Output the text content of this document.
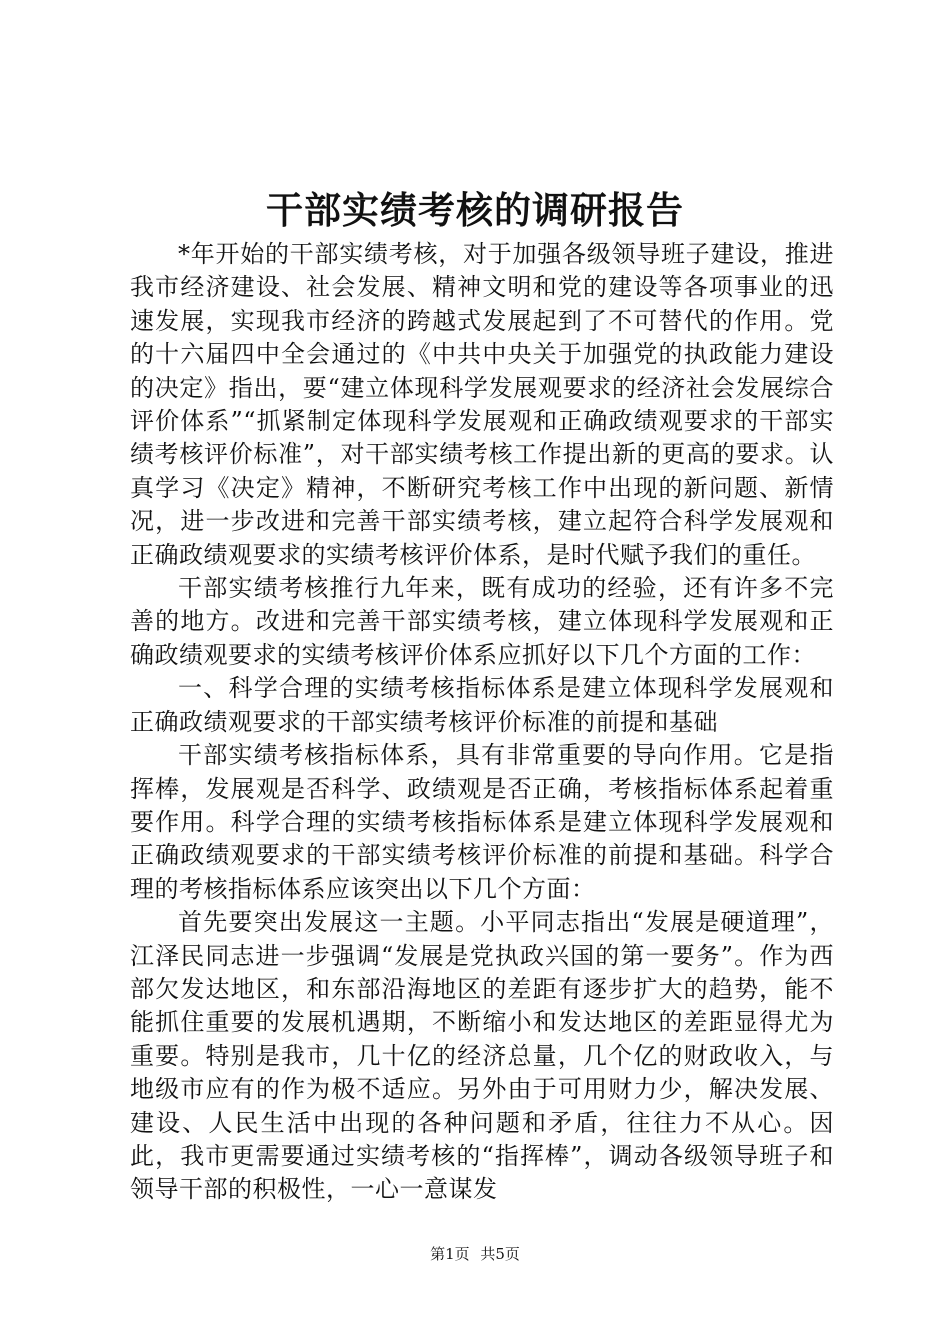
干部实绩考核的调研报告

*年开始的干部实绩考核，对于加强各级领导班子建设，推进我市经济建设、社会发展、精神文明和党的建设等各项事业的迅速发展，实现我市经济的跨越式发展起到了不可替代的作用。党的十六届四中全会通过的《中共中央关于加强党的执政能力建设的决定》指出，要“建立体现科学发展观要求的经济社会发展综合评价体系”“抓紧制定体现科学发展观和正确政绩观要求的干部实绩考核评价标准”，对干部实绩考核工作提出新的更高的要求。认真学习《决定》精神，不断研究考核工作中出现的新问题、新情况，进一步改进和完善干部实绩考核，建立起符合科学发展观和正确政绩观要求的实绩考核评价体系，是时代赋予我们的重任。

干部实绩考核推行九年来，既有成功的经验，还有许多不完善的地方。改进和完善干部实绩考核，建立体现科学发展观和正确政绩观要求的实绩考核评价体系应抓好以下几个方面的工作：

一、科学合理的实绩考核指标体系是建立体现科学发展观和正确政绩观要求的干部实绩考核评价标准的前提和基础

干部实绩考核指标体系，具有非常重要的导向作用。它是指挥棒，发展观是否科学、政绩观是否正确，考核指标体系起着重要作用。科学合理的实绩考核指标体系是建立体现科学发展观和正确政绩观要求的干部实绩考核评价标准的前提和基础。科学合理的考核指标体系应该突出以下几个方面：

首先要突出发展这一主题。小平同志指出“发展是硬道理”，江泽民同志进一步强调“发展是党执政兴国的第一要务”。作为西部欠发达地区，和东部沿海地区的差距有逐步扩大的趋势，能不能抓住重要的发展机遇期，不断缩小和发达地区的差距显得尤为重要。特别是我市，几十亿的经济总量，几个亿的财政收入，与地级市应有的作为极不适应。另外由于可用财力少，解决发展、建设、人民生活中出现的各种问题和矛盾，往往力不从心。因此，我市更需要通过实绩考核的“指挥棒”，调动各级领导班子和领导干部的积极性，一心一意谋发

第1页 共5页
